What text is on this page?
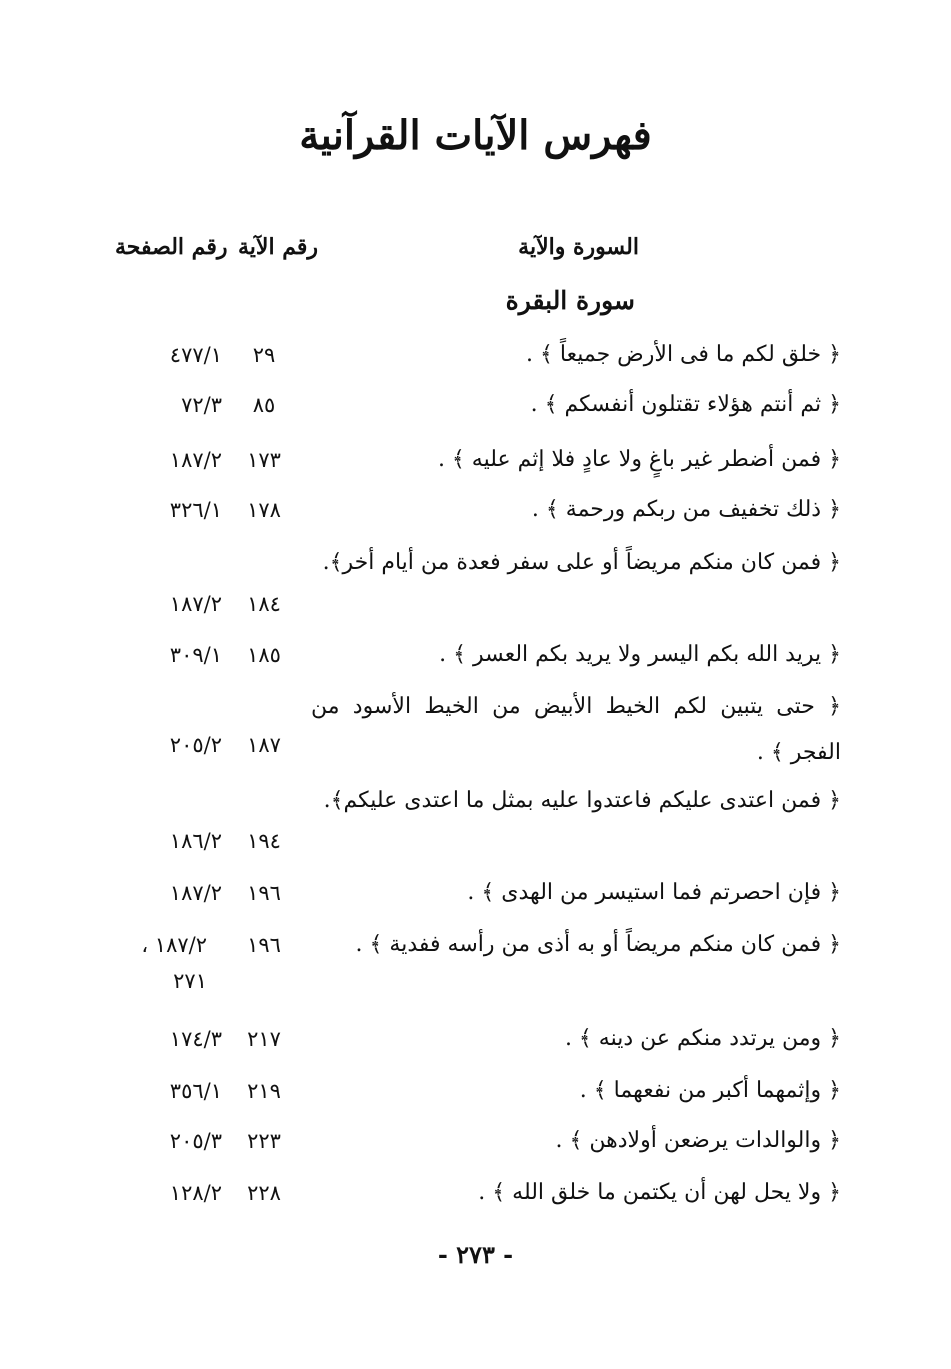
فهرس الآيات القرآنية
السورة والآية
رقم الآية
رقم الصفحة
سورة البقرة
﴿ خلق لكم ما فى الأرض جميعاً ﴾ .
٢٩
٤٧٧/١
﴿ ثم أنتم هؤلاء تقتلون أنفسكم ﴾ .
٨٥
٧٢/٣
﴿ فمن أضطر غير باغٍ ولا عادٍ فلا إثم عليه ﴾ .
١٧٣
١٨٧/٢
﴿ ذلك تخفيف من ربكم ورحمة ﴾ .
١٧٨
٣٢٦/١
﴿ فمن كان منكم مريضاً أو على سفر فعدة من أيام أخر﴾.
١٨٤
١٨٧/٢
﴿ يريد الله بكم اليسر ولا يريد بكم العسر ﴾ .
١٨٥
٣٠٩/١
﴿ حتى يتبين لكم الخيط الأبيض من الخيط الأسود من الفجر ﴾ .
١٨٧
٢٠٥/٢
﴿ فمن اعتدى عليكم فاعتدوا عليه بمثل ما اعتدى عليكم﴾.
١٩٤
١٨٦/٢
﴿ فإن احصرتم فما استيسر من الهدى ﴾ .
١٩٦
١٨٧/٢
﴿ فمن كان منكم مريضاً أو به أذى من رأسه ففدية ﴾ .
١٩٦
١٨٧/٢ ، ٢٧١
﴿ ومن يرتدد منكم عن دينه ﴾ .
٢١٧
١٧٤/٣
﴿ وإثمهما أكبر من نفعهما ﴾ .
٢١٩
٣٥٦/١
﴿ والوالدات يرضعن أولادهن ﴾ .
٢٢٣
٢٠٥/٣
﴿ ولا يحل لهن أن يكتمن ما خلق الله ﴾ .
٢٢٨
١٢٨/٢
- ٢٧٣ -
